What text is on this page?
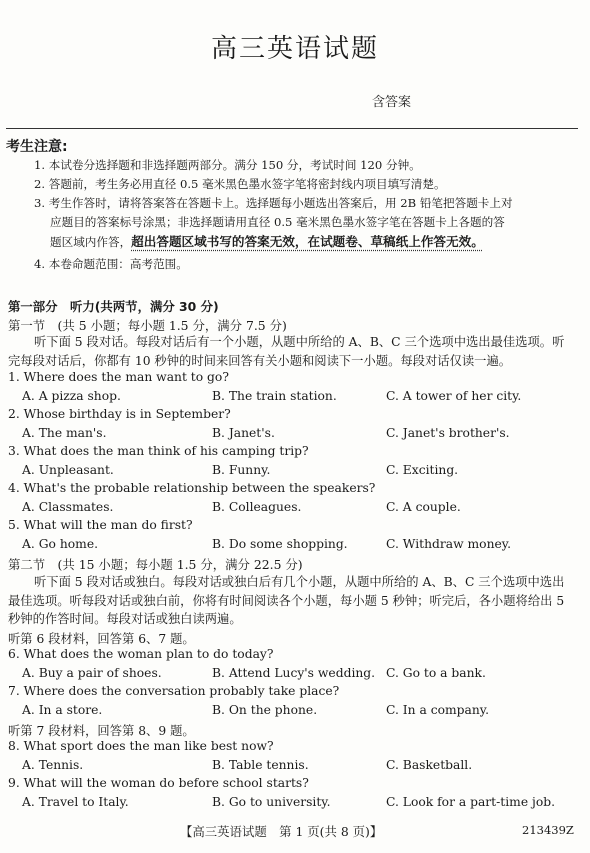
高三英语试题
含答案
考生注意:
1. 本试卷分选择题和非选择题两部分。满分 150 分，考试时间 120 分钟。
2. 答题前，考生务必用直径 0.5 毫米黑色墨水签字笔将密封线内项目填写清楚。
3. 考生作答时，请将答案答在答题卡上。选择题每小题选出答案后，用 2B 铅笔把答题卡上对
应题目的答案标号涂黑；非选择题请用直径 0.5 毫米黑色墨水签字笔在答题卡上各题的答
题区域内作答，超出答题区域书写的答案无效，在试题卷、草稿纸上作答无效。
4. 本卷命题范围：高考范围。
第一部分　听力(共两节，满分 30 分)
第一节　(共 5 小题；每小题 1.5 分，满分 7.5 分)
听下面 5 段对话。每段对话后有一个小题，从题中所给的 A、B、C 三个选项中选出最佳选项。听完每段对话后，你都有 10 秒钟的时间来回答有关小题和阅读下一小题。每段对话仅读一遍。
1. Where does the man want to go?
A. A pizza shop.	B. The train station.	C. A tower of her city.
2. Whose birthday is in September?
A. The man's.	B. Janet's.	C. Janet's brother's.
3. What does the man think of his camping trip?
A. Unpleasant.	B. Funny.	C. Exciting.
4. What's the probable relationship between the speakers?
A. Classmates.	B. Colleagues.	C. A couple.
5. What will the man do first?
A. Go home.	B. Do some shopping.	C. Withdraw money.
第二节　(共 15 小题；每小题 1.5 分，满分 22.5 分)
听下面 5 段对话或独白。每段对话或独白后有几个小题，从题中所给的 A、B、C 三个选项中选出最佳选项。听每段对话或独白前，你将有时间阅读各个小题，每小题 5 秒钟；听完后，各小题将给出 5 秒钟的作答时间。每段对话或独白读两遍。
听第 6 段材料，回答第 6、7 题。
6. What does the woman plan to do today?
A. Buy a pair of shoes.	B. Attend Lucy's wedding. C. Go to a bank.
7. Where does the conversation probably take place?
A. In a store.	B. On the phone.	C. In a company.
听第 7 段材料，回答第 8、9 题。
8. What sport does the man like best now?
A. Tennis.	B. Table tennis.	C. Basketball.
9. What will the woman do before school starts?
A. Travel to Italy.	B. Go to university.	C. Look for a part-time job.
【高三英语试题　第 1 页(共 8 页)】	213439Z
